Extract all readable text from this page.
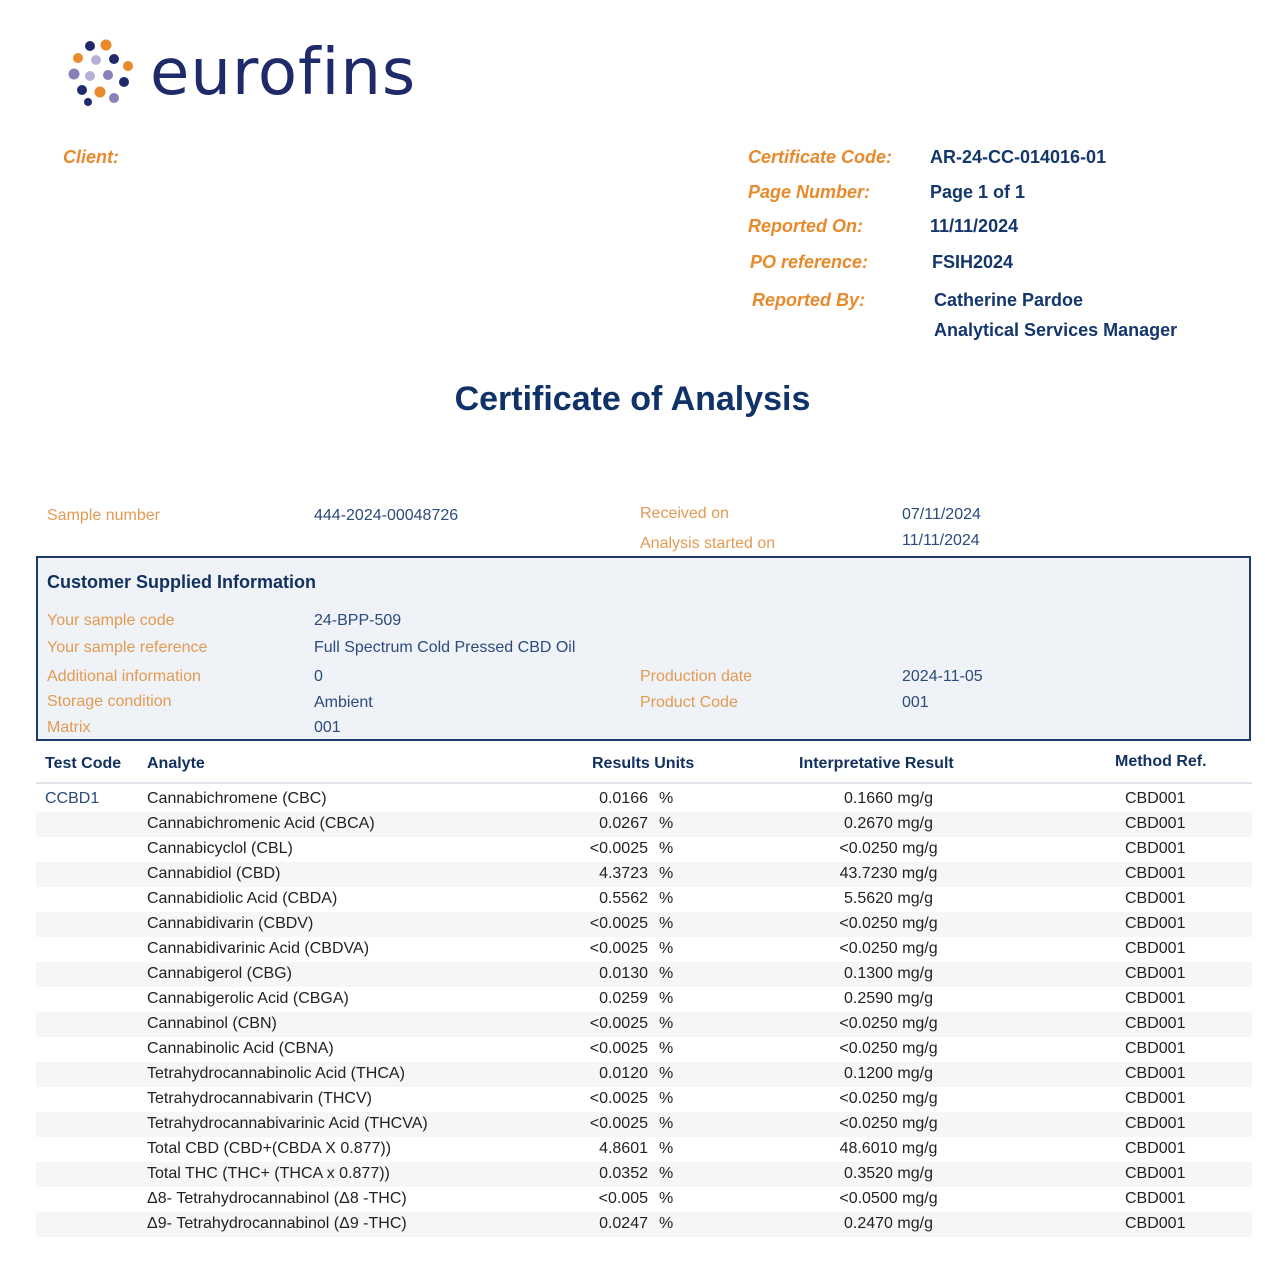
eurofins
Client:	Certificate Code: AR-24-CC-014016-01
Page Number:	Page 1 of 1
Reported On:	11/11/2024
PO reference:	FSIH2024
Reported By:	Catherine Pardoe
Analytical Services Manager
Certificate of Analysis
Sample number	444-2024-00048726	Received on	07/11/2024
Analysis started on	11/11/2024
Customer Supplied Information
Your sample code	24-BPP-509
Your sample reference	Full Spectrum Cold Pressed CBD Oil
Additional information	0	Production date	2024-11-05
Storage condition	Ambient	Product Code	001
Matrix	001
Test Code Analyte	Results Units	Interpretative Result	Method Ref.
CCBD1	Cannabichromene (CBC)	0.0166 %	0.1660 mg/g	CBD001
Cannabichromenic Acid (CBCA)	0.0267 %	0.2670 mg/g	CBD001
Cannabicyclol (CBL)	<0.0025 %	<0.0250 mg/g	CBD001
Cannabidiol (CBD)	4.3723 %	43.7230 mg/g	CBD001
Cannabidiolic Acid (CBDA)	0.5562 %	5.5620 mg/g	CBD001
Cannabidivarin (CBDV)	<0.0025 %	<0.0250 mg/g	CBD001
Cannabidivarinic Acid (CBDVA)	<0.0025 %	<0.0250 mg/g	CBD001
Cannabigerol (CBG)	0.0130 %	0.1300 mg/g	CBD001
Cannabigerolic Acid (CBGA)	0.0259 %	0.2590 mg/g	CBD001
Cannabinol (CBN)	<0.0025 %	<0.0250 mg/g	CBD001
Cannabinolic Acid (CBNA)	<0.0025 %	<0.0250 mg/g	CBD001
Tetrahydrocannabinolic Acid (THCA)	0.0120 %	0.1200 mg/g	CBD001
Tetrahydrocannabivarin (THCV)	<0.0025 %	<0.0250 mg/g	CBD001
Tetrahydrocannabivarinic Acid (THCVA)	<0.0025 %	<0.0250 mg/g	CBD001
Total CBD (CBD+(CBDA X 0.877))	4.8601 %	48.6010 mg/g	CBD001
Total THC (THC+ (THCA x 0.877))	0.0352 %	0.3520 mg/g	CBD001
Δ8- Tetrahydrocannabinol (Δ8 -THC)	<0.005 %	<0.0500 mg/g	CBD001
Δ9- Tetrahydrocannabinol (Δ9 -THC)	0.0247 %	0.2470 mg/g	CBD001
